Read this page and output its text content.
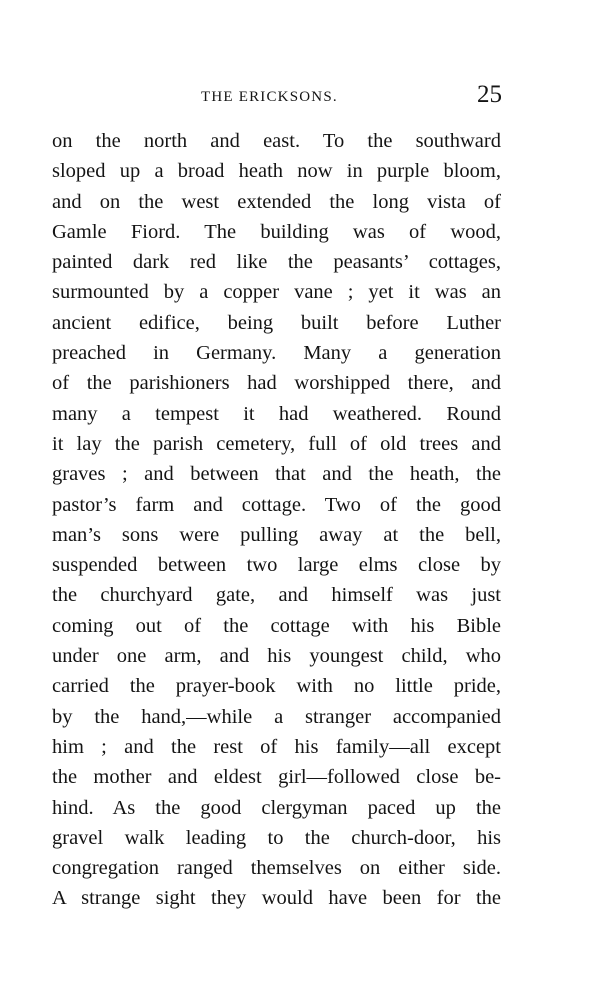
THE ERICKSONS.	25
on the north and east. To the southward
sloped up a broad heath now in purple bloom,
and on the west extended the long vista of
Gamle Fiord. The building was of wood,
painted dark red like the peasants’ cottages,
surmounted by a copper vane ; yet it was an
ancient edifice, being built before Luther
preached in Germany. Many a generation
of the parishioners had worshipped there, and
many a tempest it had weathered. Round
it lay the parish cemetery, full of old trees and
graves ; and between that and the heath, the
pastor’s farm and cottage. Two of the good
man’s sons were pulling away at the bell,
suspended between two large elms close by
the churchyard gate, and himself was just
coming out of the cottage with his Bible
under one arm, and his youngest child, who
carried the prayer-book with no little pride,
by the hand,—while a stranger accompanied
him ; and the rest of his family—all except
the mother and eldest girl—followed close be-
hind. As the good clergyman paced up the
gravel walk leading to the church-door, his
congregation ranged themselves on either side.
A strange sight they would have been for the
